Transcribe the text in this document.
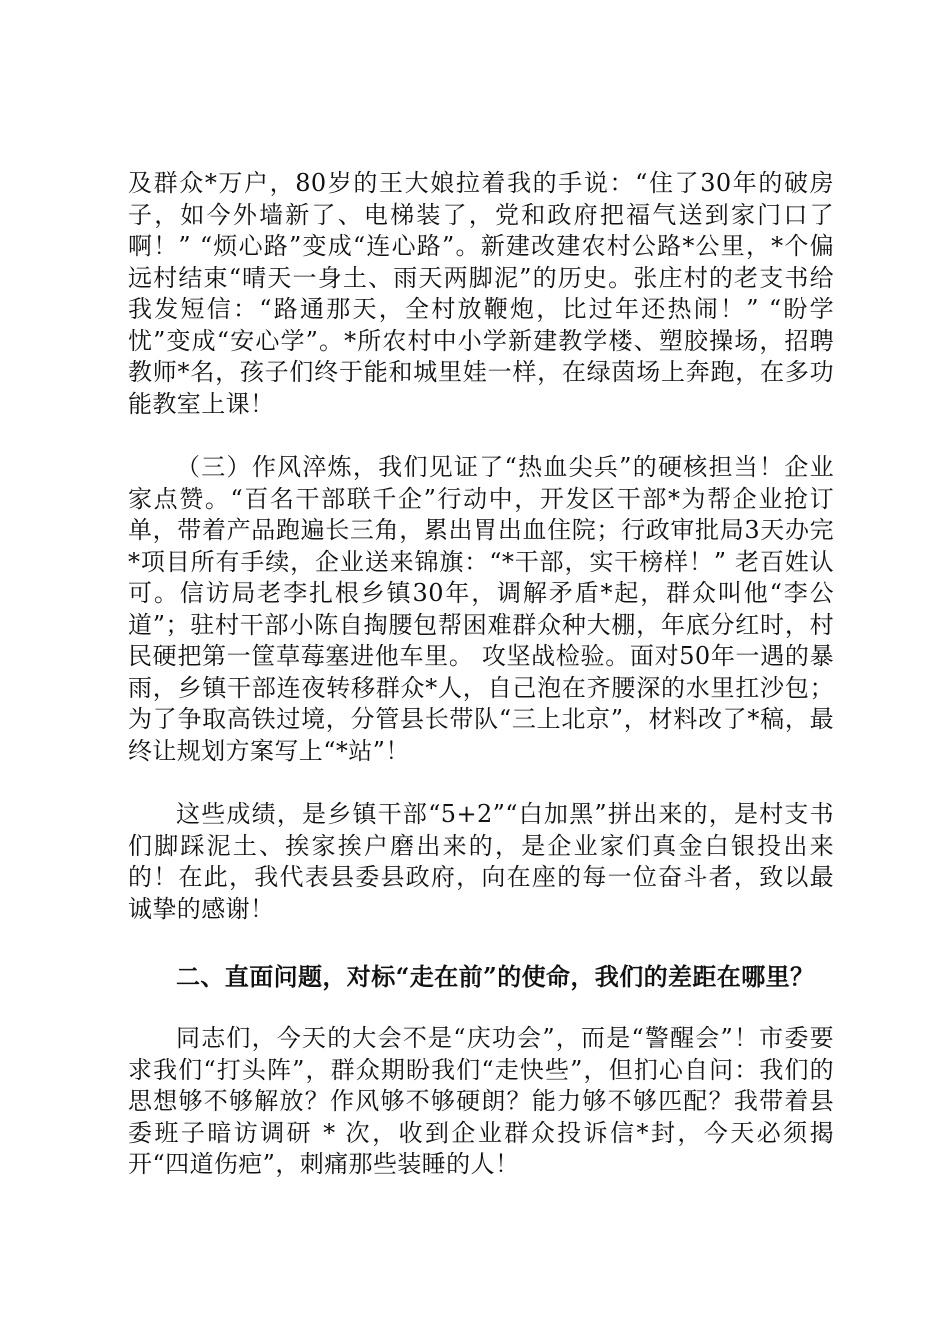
及群众*万户，80岁的王大娘拉着我的手说：“住了30年的破房子，如今外墙新了、电梯装了，党和政府把福气送到家门口了啊！” “烦心路”变成“连心路”。新建改建农村公路*公里，*个偏远村结束“晴天一身土、雨天两脚泥”的历史。张庄村的老支书给我发短信：“路通那天，全村放鞭炮，比过年还热闹！” “盼学忧”变成“安心学”。*所农村中小学新建教学楼、塑胶操场，招聘教师*名，孩子们终于能和城里娃一样，在绿茵场上奔跑，在多功能教室上课！

（三）作风淬炼，我们见证了“热血尖兵”的硬核担当！企业家点赞。“百名干部联千企”行动中，开发区干部*为帮企业抢订单，带着产品跑遍长三角，累出胃出血住院；行政审批局3天办完*项目所有手续，企业送来锦旗：“*干部，实干榜样！” 老百姓认可。信访局老李扎根乡镇30年，调解矛盾*起，群众叫他“李公道”；驻村干部小陈自掏腰包帮困难群众种大棚，年底分红时，村民硬把第一筐草莓塞进他车里。 攻坚战检验。面对50年一遇的暴雨，乡镇干部连夜转移群众*人，自己泡在齐腰深的水里扛沙包；为了争取高铁过境，分管县长带队“三上北京”，材料改了*稿，最终让规划方案写上“*站”！

这些成绩，是乡镇干部“5+2”“白加黑”拼出来的，是村支书们脚踩泥土、挨家挨户磨出来的，是企业家们真金白银投出来的！在此，我代表县委县政府，向在座的每一位奋斗者，致以最诚挚的感谢！

二、直面问题，对标“走在前”的使命，我们的差距在哪里？

同志们，今天的大会不是“庆功会”，而是“警醒会”！市委要求我们“打头阵”，群众期盼我们“走快些”，但扪心自问：我们的思想够不够解放？作风够不够硬朗？能力够不够匹配？我带着县委班子暗访调研 * 次，收到企业群众投诉信*封，今天必须揭开“四道伤疤”，刺痛那些装睡的人！
